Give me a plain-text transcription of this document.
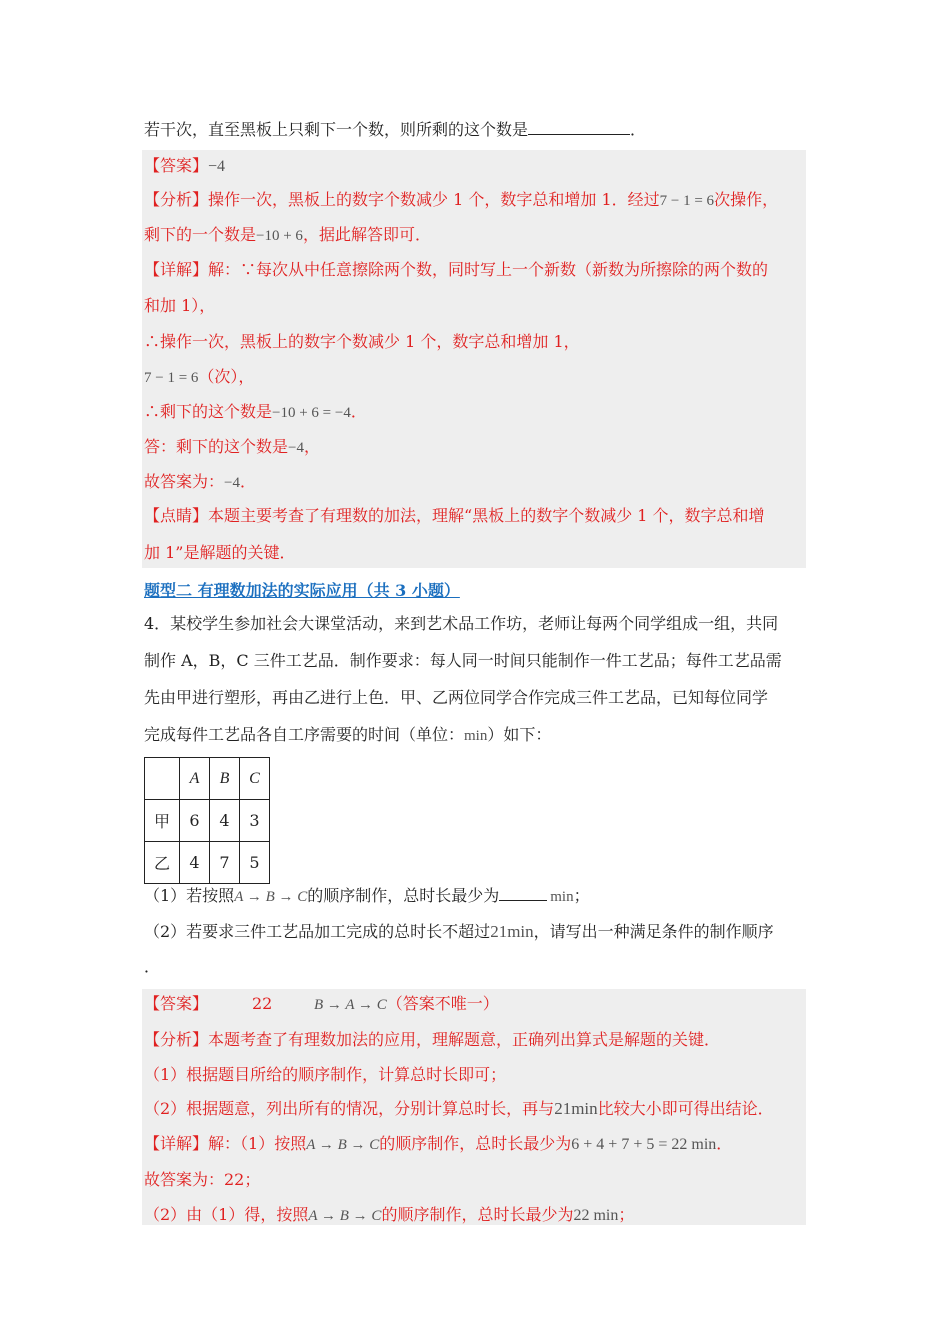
若干次，直至黑板上只剩下一个数，则所剩的这个数是	．
【答案】−4
【分析】操作一次，黑板上的数字个数减少 1 个，数字总和增加 1．经过7 − 1 = 6次操作，
剩下的一个数是−10 + 6，据此解答即可．
【详解】解：∵每次从中任意擦除两个数，同时写上一个新数（新数为所擦除的两个数的
和加 1），
∴操作一次，黑板上的数字个数减少 1 个，数字总和增加 1，
7 − 1 = 6（次），
∴剩下的这个数是−10 + 6 = −4．
答：剩下的这个数是−4，
故答案为：−4．
【点睛】本题主要考查了有理数的加法，理解“黑板上的数字个数减少 1 个，数字总和增
加 1”是解题的关键．
题型二 有理数加法的实际应用（共 3 小题）
4．某校学生参加社会大课堂活动，来到艺术品工作坊，老师让每两个同学组成一组，共同
制作 A，B，C 三件工艺品．制作要求：每人同一时间只能制作一件工艺品；每件工艺品需
先由甲进行塑形，再由乙进行上色．甲、乙两位同学合作完成三件工艺品，已知每位同学
完成每件工艺品各自工序需要的时间（单位：min）如下：
	A	B	C
甲	6	4	3
乙	4	7	5
（1）若按照A → B → C的顺序制作，总时长最少为	min；
（2）若要求三件工艺品加工完成的总时长不超过21min，请写出一种满足条件的制作顺序
．
【答案】	22	B → A → C（答案不唯一）
【分析】本题考查了有理数加法的应用，理解题意，正确列出算式是解题的关键．
（1）根据题目所给的顺序制作，计算总时长即可；
（2）根据题意，列出所有的情况，分别计算总时长，再与21min比较大小即可得出结论．
【详解】解：（1）按照A → B → C的顺序制作，总时长最少为6 + 4 + 7 + 5 = 22 min．
故答案为：22；
（2）由（1）得，按照A → B → C的顺序制作，总时长最少为22 min；
